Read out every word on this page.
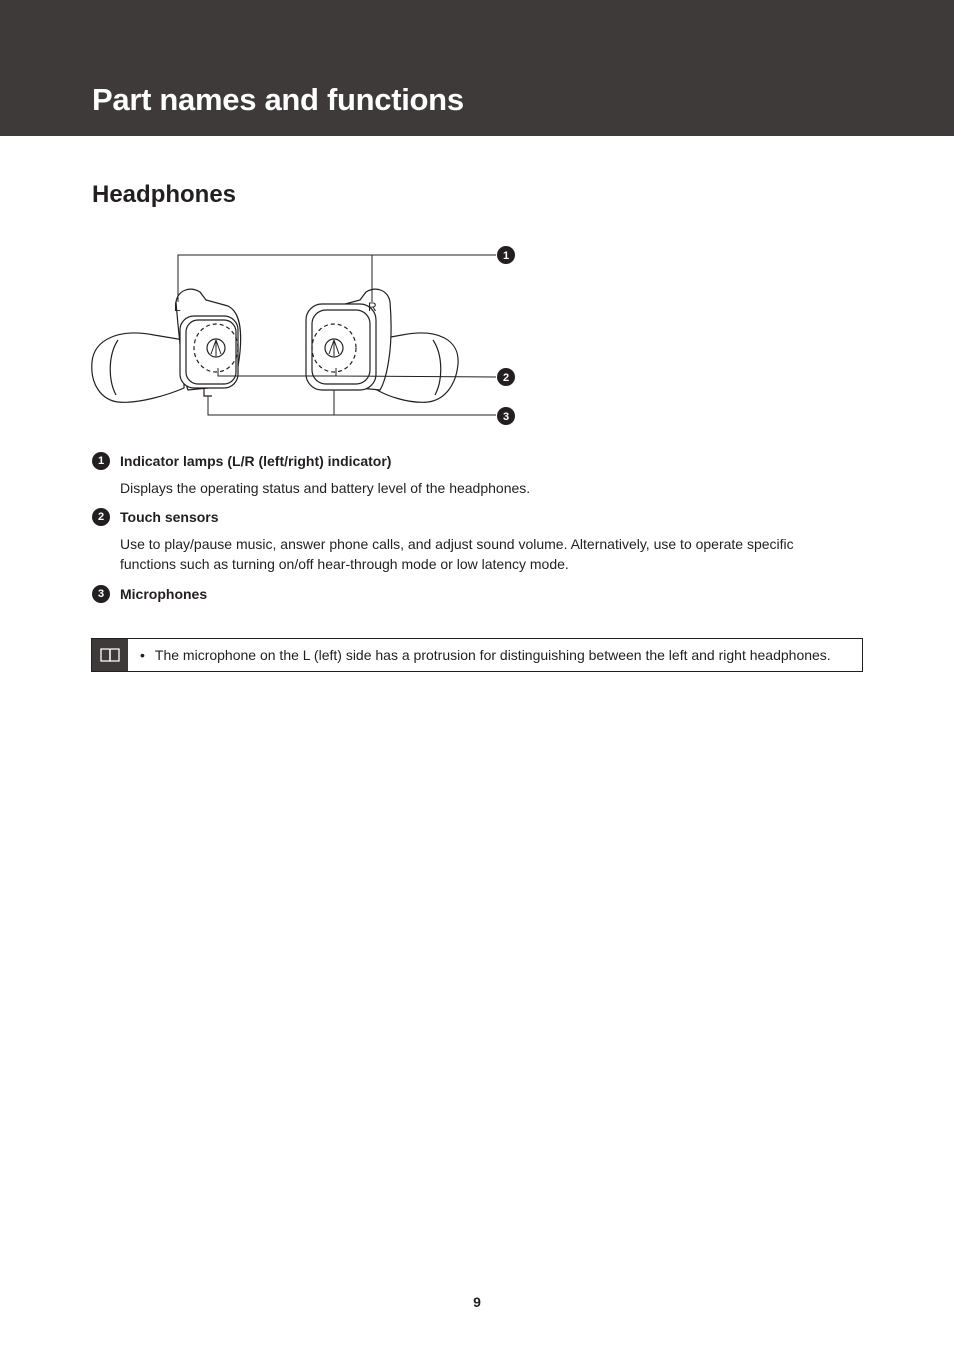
Part names and functions
Headphones
L	R
1
2
3
1	Indicator lamps (L/R (left/right) indicator)
Displays the operating status and battery level of the headphones.
2	Touch sensors
Use to play/pause music, answer phone calls, and adjust sound volume. Alternatively, use to operate specific functions such as turning on/off hear-through mode or low latency mode.
3	Microphones
• The microphone on the L (left) side has a protrusion for distinguishing between the left and right headphones.
9
